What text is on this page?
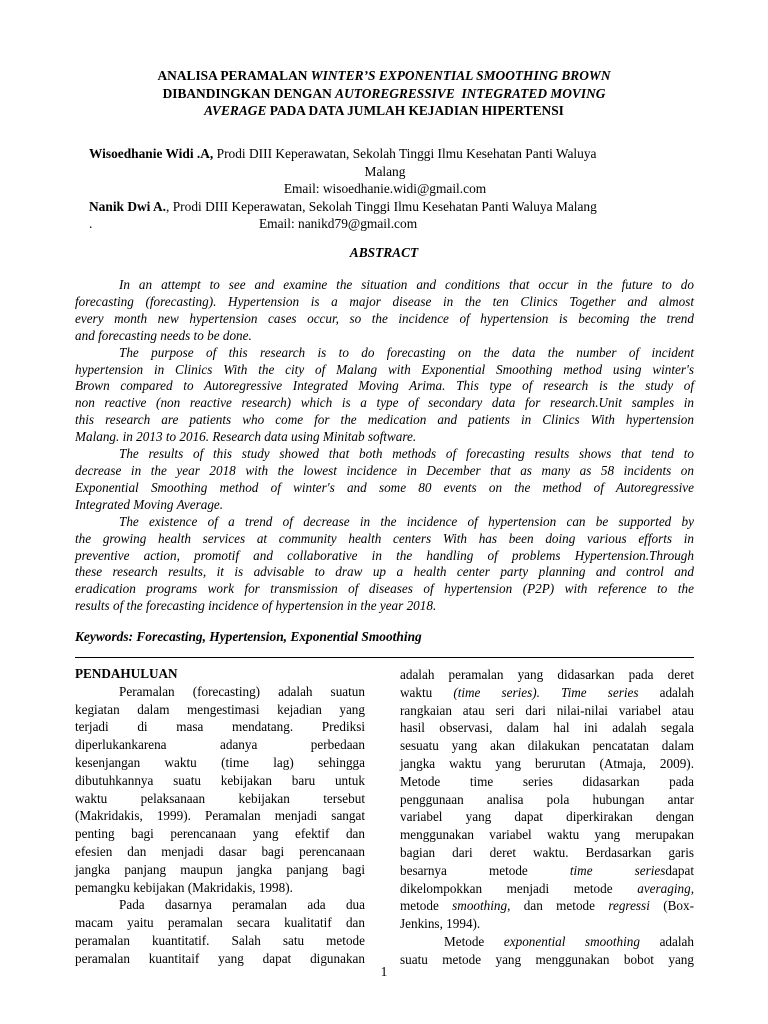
ANALISA PERAMALAN WINTER’S EXPONENTIAL SMOOTHING BROWN
DIBANDINGKAN DENGAN AUTOREGRESSIVE  INTEGRATED MOVING
AVERAGE PADA DATA JUMLAH KEJADIAN HIPERTENSI
Wisoedhanie Widi .A, Prodi DIII Keperawatan, Sekolah Tinggi Ilmu Kesehatan Panti Waluya
Malang
Email: wisoedhanie.widi@gmail.com
Nanik Dwi A., Prodi DIII Keperawatan, Sekolah Tinggi Ilmu Kesehatan Panti Waluya Malang
.	Email: nanikd79@gmail.com
ABSTRACT
In an attempt to see and examine the situation and conditions that occur in the future to do
forecasting (forecasting). Hypertension is a major disease in the ten Clinics Together and almost
every month new hypertension cases occur, so the incidence of hypertension is becoming the trend
and forecasting needs to be done.
The purpose of this research is to do forecasting on the data the number of incident
hypertension in Clinics With the city of Malang with Exponential Smoothing method using winter's
Brown compared to Autoregressive Integrated Moving Arima. This type of research is the study of
non reactive (non reactive research) which is a type of secondary data for research.Unit samples in
this research are patients who come for the medication and patients in Clinics With hypertension
Malang. in 2013 to 2016. Research data using Minitab software.
The results of this study showed that both methods of forecasting results shows that tend to
decrease in the year 2018 with the lowest incidence in December that as many as 58 incidents on
Exponential Smoothing method of winter's and some 80 events on the method of Autoregressive
Integrated Moving Average.
The existence of a trend of decrease in the incidence of hypertension can be supported by
the growing health services at community health centers With has been doing various efforts in
preventive action, promotif and collaborative in the handling of problems Hypertension.Through
these research results, it is advisable to draw up a health center party planning and control and
eradication programs work for transmission of diseases of hypertension (P2P) with reference to the
results of the forecasting incidence of hypertension in the year 2018.
Keywords: Forecasting, Hypertension, Exponential Smoothing
PENDAHULUAN
Peramalan (forecasting) adalah suatun
kegiatan dalam mengestimasi kejadian yang
terjadi di masa mendatang. Prediksi
diperlukankarena adanya perbedaan
kesenjangan waktu (time lag) sehingga
dibutuhkannya suatu kebijakan baru untuk
waktu pelaksanaan kebijakan tersebut
(Makridakis, 1999). Peramalan menjadi sangat
penting bagi perencanaan yang efektif dan
efesien dan menjadi dasar bagi perencanaan
jangka panjang maupun jangka panjang bagi
pemangku kebijakan (Makridakis, 1998).
Pada dasarnya peramalan ada dua
macam yaitu peramalan secara kualitatif dan
peramalan kuantitatif. Salah satu metode
peramalan kuantitaif yang dapat digunakan
adalah peramalan yang didasarkan pada deret
waktu (time series). Time series adalah
rangkaian atau seri dari nilai-nilai variabel atau
hasil observasi, dalam hal ini adalah segala
sesuatu yang akan dilakukan pencatatan dalam
jangka waktu yang berurutan (Atmaja, 2009).
Metode time series didasarkan pada
penggunaan analisa pola hubungan antar
variabel yang dapat diperkirakan dengan
menggunakan variabel waktu yang merupakan
bagian dari deret waktu. Berdasarkan garis
besarnya metode time seriesdapat
dikelompokkan menjadi metode averaging,
metode smoothing, dan metode regressi (Box-
Jenkins, 1994).
Metode exponential smoothing adalah
suatu metode yang menggunakan bobot yang
1
